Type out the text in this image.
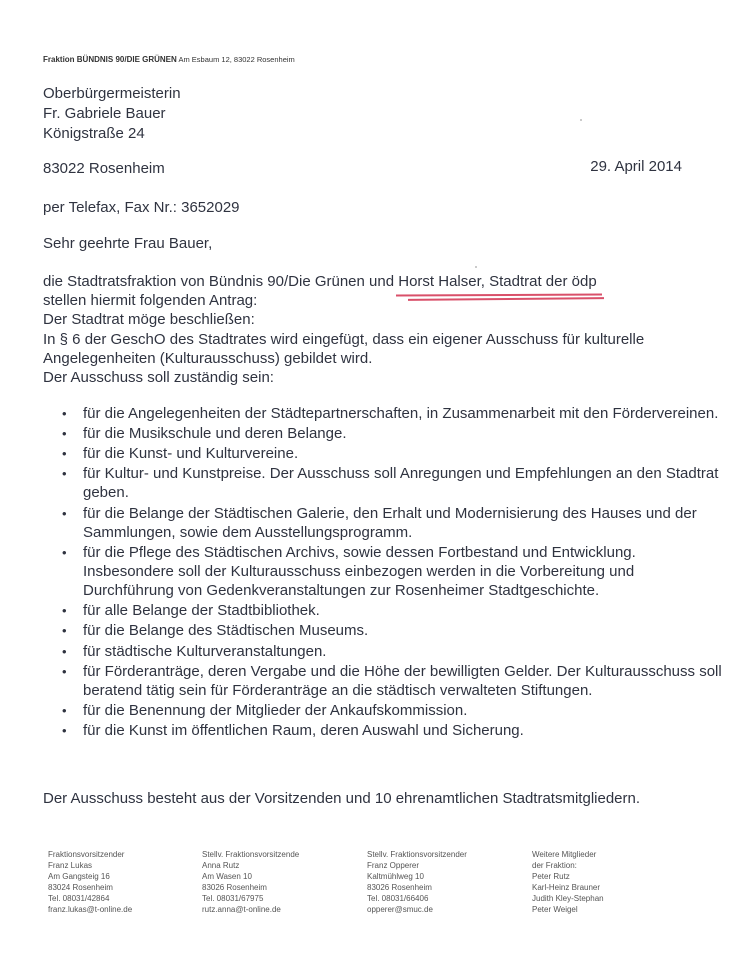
Fraktion BÜNDNIS 90/DIE GRÜNEN Am Esbaum 12, 83022 Rosenheim
Oberbürgermeisterin
Fr. Gabriele Bauer
Königstraße 24
83022 Rosenheim	29. April 2014
per Telefax, Fax Nr.: 3652029
Sehr geehrte Frau Bauer,

die Stadtratsfraktion von Bündnis 90/Die Grünen und Horst Halser, Stadtrat der ödp

stellen hiermit folgenden Antrag:

Der Stadtrat möge beschließen:

In § 6 der GeschO des Stadtrates wird eingefügt, dass ein eigener Ausschuss für kulturelle Angelegenheiten (Kulturausschuss) gebildet wird.

Der Ausschuss soll zuständig sein:

• für die Angelegenheiten der Städtepartnerschaften, in Zusammenarbeit mit den Fördervereinen.
• für die Musikschule und deren Belange.
• für die Kunst- und Kulturvereine.
• für Kultur- und Kunstpreise. Der Ausschuss soll Anregungen und Empfehlungen an den Stadtrat geben.
• für die Belange der Städtischen Galerie, den Erhalt und Modernisierung des Hauses und der Sammlungen, sowie dem Ausstellungsprogramm.
• für die Pflege des Städtischen Archivs, sowie dessen Fortbestand und Entwicklung. Insbesondere soll der Kulturausschuss einbezogen werden in die Vorbereitung und Durchführung von Gedenkveranstaltungen zur Rosenheimer Stadtgeschichte.
• für alle Belange der Stadtbibliothek.
• für die Belange des Städtischen Museums.
• für städtische Kulturveranstaltungen.
• für Förderanträge, deren Vergabe und die Höhe der bewilligten Gelder. Der Kulturausschuss soll beratend tätig sein für Förderanträge an die städtisch verwalteten Stiftungen.
• für die Benennung der Mitglieder der Ankaufskommission.
• für die Kunst im öffentlichen Raum, deren Auswahl und Sicherung.
Der Ausschuss besteht aus der Vorsitzenden und 10 ehrenamtlichen Stadtratsmitgliedern.
Fraktionsvorsitzender
Franz Lukas
Am Gangsteig 16
83024 Rosenheim
Tel. 08031/42864
franz.lukas@t-online.de
Stellv. Fraktionsvorsitzende
Anna Rutz
Am Wasen 10
83026 Rosenheim
Tel. 08031/67975
rutz.anna@t-online.de
Stellv. Fraktionsvorsitzender
Franz Opperer
Kaltmühlweg 10
83026 Rosenheim
Tel. 08031/66406
opperer@smuc.de
Weitere Mitglieder
der Fraktion:
Peter Rutz
Karl-Heinz Brauner
Judith Kley-Stephan
Peter Weigel
